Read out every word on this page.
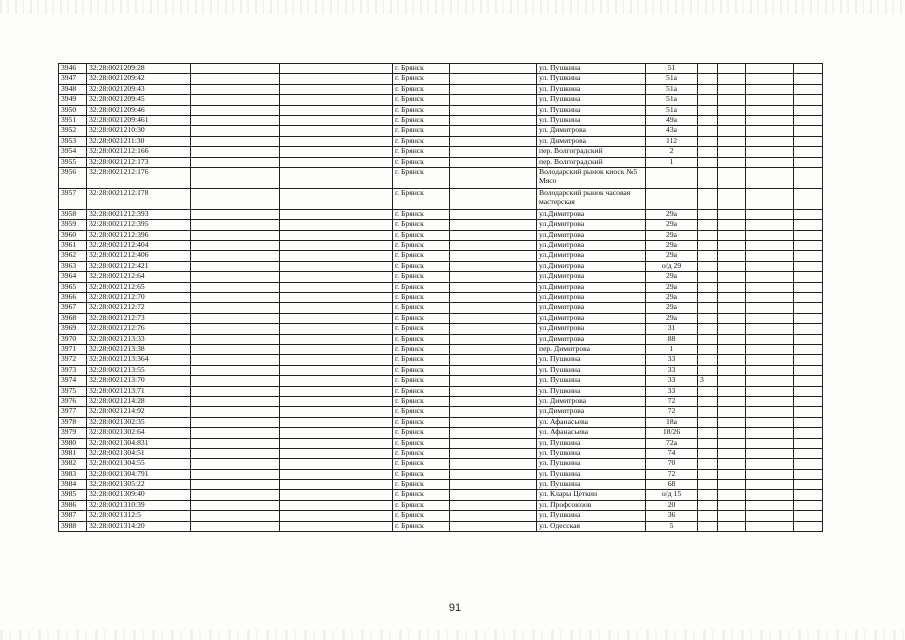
3946	32:28:0021209:28			г. Брянск		ул. Пушкина	51				
3947	32:28:0021209:42			г. Брянск		ул. Пушкина	51а				
3948	32:28:0021209:43			г. Брянск		ул. Пушкина	51а				
3949	32:28:0021209:45			г. Брянск		ул. Пушкина	51а				
3950	32:28:0021209:46			г. Брянск		ул. Пушкина	51а				
3951	32:28:0021209:461			г. Брянск		ул. Пушкина	49а				
3952	32:28:0021210:30			г. Брянск		ул. Димитрова	43а				
3953	32:28:0021211:30			г. Брянск		ул. Димитрова	112				
3954	32:28:0021212:166			г. Брянск		пер. Волгоградский	2				
3955	32:28:0021212:173			г. Брянск		пер. Волгоградский	1				
3956	32:28:0021212:176			г. Брянск		Володарский рынок киоск №5 Мясо					
3957	32:28:0021212:178			г. Брянск		Володарский рынок часовая мастерская					
3958	32:28:0021212:393			г. Брянск		ул.Димитрова	29а				
3959	32:28:0021212:395			г. Брянск		ул.Димитрова	29а				
3960	32:28:0021212:396			г. Брянск		ул.Димитрова	29а				
3961	32:28:0021212:404			г. Брянск		ул.Димитрова	29а				
3962	32:28:0021212:406			г. Брянск		ул.Димитрова	29а				
3963	32:28:0021212:421			г. Брянск		ул.Димитрова	о/д 29				
3964	32:28:0021212:64			г. Брянск		ул.Димитрова	29а				
3965	32:28:0021212:65			г. Брянск		ул.Димитрова	29а				
3966	32:28:0021212:70			г. Брянск		ул.Димитрова	29а				
3967	32:28:0021212:72			г. Брянск		ул.Димитрова	29а				
3968	32:28:0021212:73			г. Брянск		ул.Димитрова	29а				
3969	32:28:0021212:76			г. Брянск		ул.Димитрова	31				
3970	32:28:0021213:33			г. Брянск		ул.Димитрова	88				
3971	32:28:0021213:38			г. Брянск		пер. Димитрова	1				
3972	32:28:0021213:364			г. Брянск		ул. Пушкина	33				
3973	32:28:0021213:55			г. Брянск		ул. Пушкина	33				
3974	32:28:0021213:70			г. Брянск		ул. Пушкина	33	3			
3975	32:28:0021213:71			г. Брянск		ул. Пушкина	33				
3976	32:28:0021214:28			г. Брянск		ул. Димитрова	72				
3977	32:28:0021214:92			г. Брянск		ул.Димитрова	72				
3978	32:28:0021302:35			г. Брянск		ул. Афанасьева	18а				
3979	32:28:0021302:64			г. Брянск		ул. Афанасьева	18/26				
3980	32:28:0021304:831			г. Брянск		ул. Пушкина	72а				
3981	32:28:0021304:51			г. Брянск		ул. Пушкина	74				
3982	32:28:0021304:55			г. Брянск		ул. Пушкина	70				
3983	32:28:0021304:791			г. Брянск		ул. Пушкина	72				
3984	32:28:0021305:22			г. Брянск		ул. Пушкина	68				
3985	32:28:0021309:40			г. Брянск		ул. Клары Цеткин	о/д 15				
3986	32:28:0021310:39			г. Брянск		ул. Профсоюзов	20				
3987	32:28:0021312:5			г. Брянск		ул. Пушкина	36				
3988	32:28:0021314:20			г. Брянск		ул. Одесская	5				
91
